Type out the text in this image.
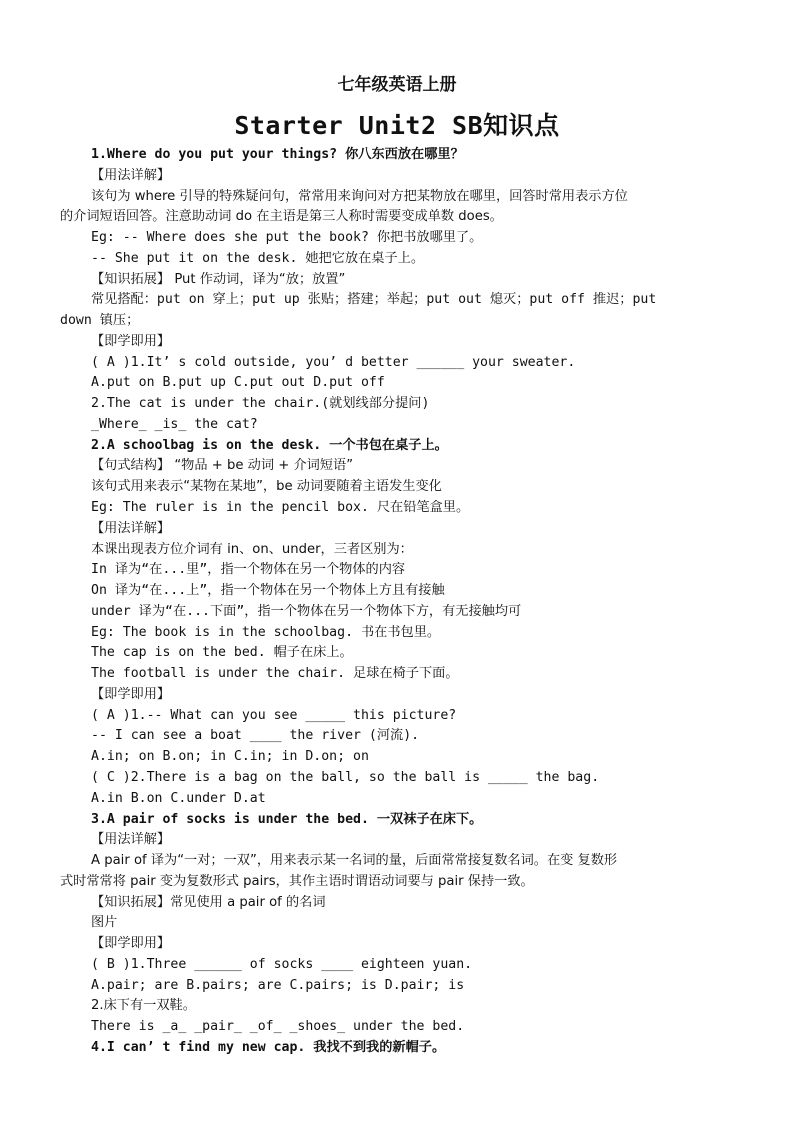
七年级英语上册
Starter Unit2 SB知识点
1.Where do you put your things? 你八东西放在哪里？
【用法详解】
该句为 where 引导的特殊疑问句，常常用来询问对方把某物放在哪里，回答时常用表示方位
的介词短语回答。注意助动词 do 在主语是第三人称时需要变成单数 does。
Eg: -- Where does she put the book? 你把书放哪里了。
-- She put it on the desk. 她把它放在桌子上。
【知识拓展】 Put 作动词，译为“放；放置”
常见搭配：put on 穿上；put up 张贴；搭建；举起；put out 熄灭；put off 推迟；put
down 镇压；
【即学即用】
( A )1.It’ s cold outside, you’ d better ______ your sweater.
A.put on B.put up C.put out D.put off
2.The cat is under the chair.(就划线部分提问)
_Where_ _is_ the cat?
2.A schoolbag is on the desk. 一个书包在桌子上。
【句式结构】 “物品 + be 动词 + 介词短语”
该句式用来表示“某物在某地”，be 动词要随着主语发生变化
Eg: The ruler is in the pencil box. 尺在铅笔盒里。
【用法详解】
本课出现表方位介词有 in、on、under，三者区别为：
In 译为“在...里”，指一个物体在另一个物体的内容
On 译为“在...上”，指一个物体在另一个物体上方且有接触
under 译为“在...下面”，指一个物体在另一个物体下方，有无接触均可
Eg: The book is in the schoolbag. 书在书包里。
The cap is on the bed. 帽子在床上。
The football is under the chair. 足球在椅子下面。
【即学即用】
( A )1.-- What can you see _____ this picture?
-- I can see a boat ____ the river (河流).
A.in; on B.on; in C.in; in D.on; on
( C )2.There is a bag on the ball, so the ball is _____ the bag.
A.in B.on C.under D.at
3.A pair of socks is under the bed. 一双袜子在床下。
【用法详解】
A pair of 译为“一对；一双”，用来表示某一名词的量，后面常常接复数名词。在变 复数形
式时常常将 pair 变为复数形式 pairs，其作主语时谓语动词要与 pair 保持一致。
【知识拓展】常见使用 a pair of 的名词
图片
【即学即用】
( B )1.Three ______ of socks ____ eighteen yuan.
A.pair; are B.pairs; are C.pairs; is D.pair; is
2.床下有一双鞋。
There is _a_ _pair_ _of_ _shoes_ under the bed.
4.I can’ t find my new cap. 我找不到我的新帽子。
